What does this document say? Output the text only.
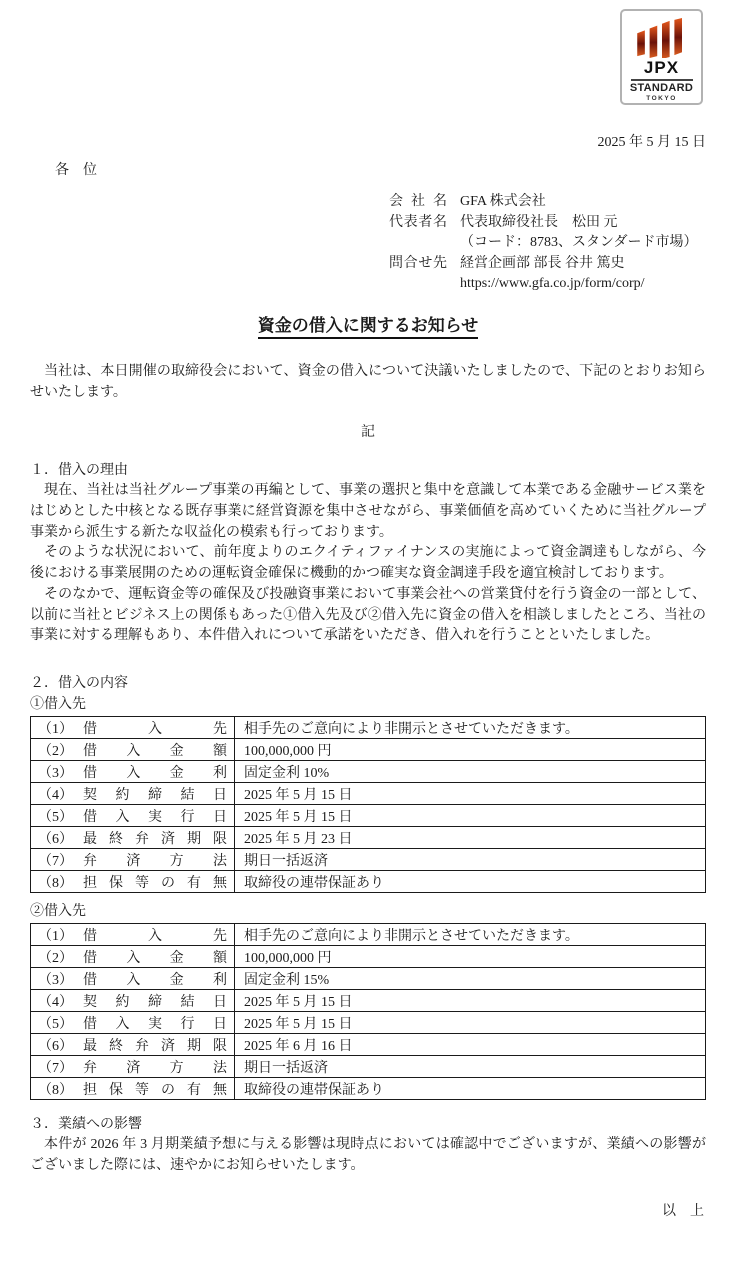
JPX
STANDARD
TOKYO

2025 年 5 月 15 日

各　位
会社名 GFA 株式会社
代表者名 代表取締役社長　松田 元
（コード：8783、スタンダード市場）
問合せ先 経営企画部 部長 谷井 篤史
https://www.gfa.co.jp/form/corp/
資金の借入に関するお知らせ

当社は、本日開催の取締役会において、資金の借入について決議いたしましたので、下記のとおりお知らせいたします。

記
１．借入の理由

現在、当社は当社グループ事業の再編として、事業の選択と集中を意識して本業である金融サービス業をはじめとした中核となる既存事業に経営資源を集中させながら、事業価値を高めていくために当社グループ事業から派生する新たな収益化の模索も行っております。

そのような状況において、前年度よりのエクイティファイナンスの実施によって資金調達もしながら、今後における事業展開のための運転資金確保に機動的かつ確実な資金調達手段を適宜検討しております。

そのなかで、運転資金等の確保及び投融資事業において事業会社への営業貸付を行う資金の一部として、以前に当社とビジネス上の関係もあった①借入先及び②借入先に資金の借入を相談しましたところ、当社の事業に対する理解もあり、本件借入れについて承諾をいただき、借入れを行うことといたしました。

２．借入の内容
①借入先
（1） 借入先	相手先のご意向により非開示とさせていただきます。
（2） 借入金額	100,000,000 円
（3） 借入金利	固定金利 10%
（4） 契約締結日	2025 年 5 月 15 日
（5） 借入実行日	2025 年 5 月 15 日
（6） 最終弁済期限	2025 年 5 月 23 日
（7） 弁済方法	期日一括返済
（8） 担保等の有無	取締役の連帯保証あり
②借入先
（1） 借入先	相手先のご意向により非開示とさせていただきます。
（2） 借入金額	100,000,000 円
（3） 借入金利	固定金利 15%
（4） 契約締結日	2025 年 5 月 15 日
（5） 借入実行日	2025 年 5 月 15 日
（6） 最終弁済期限	2025 年 6 月 16 日
（7） 弁済方法	期日一括返済
（8） 担保等の有無	取締役の連帯保証あり
３．業績への影響

本件が 2026 年 3 月期業績予想に与える影響は現時点においては確認中でございますが、業績への影響がございました際には、速やかにお知らせいたします。

以　上
